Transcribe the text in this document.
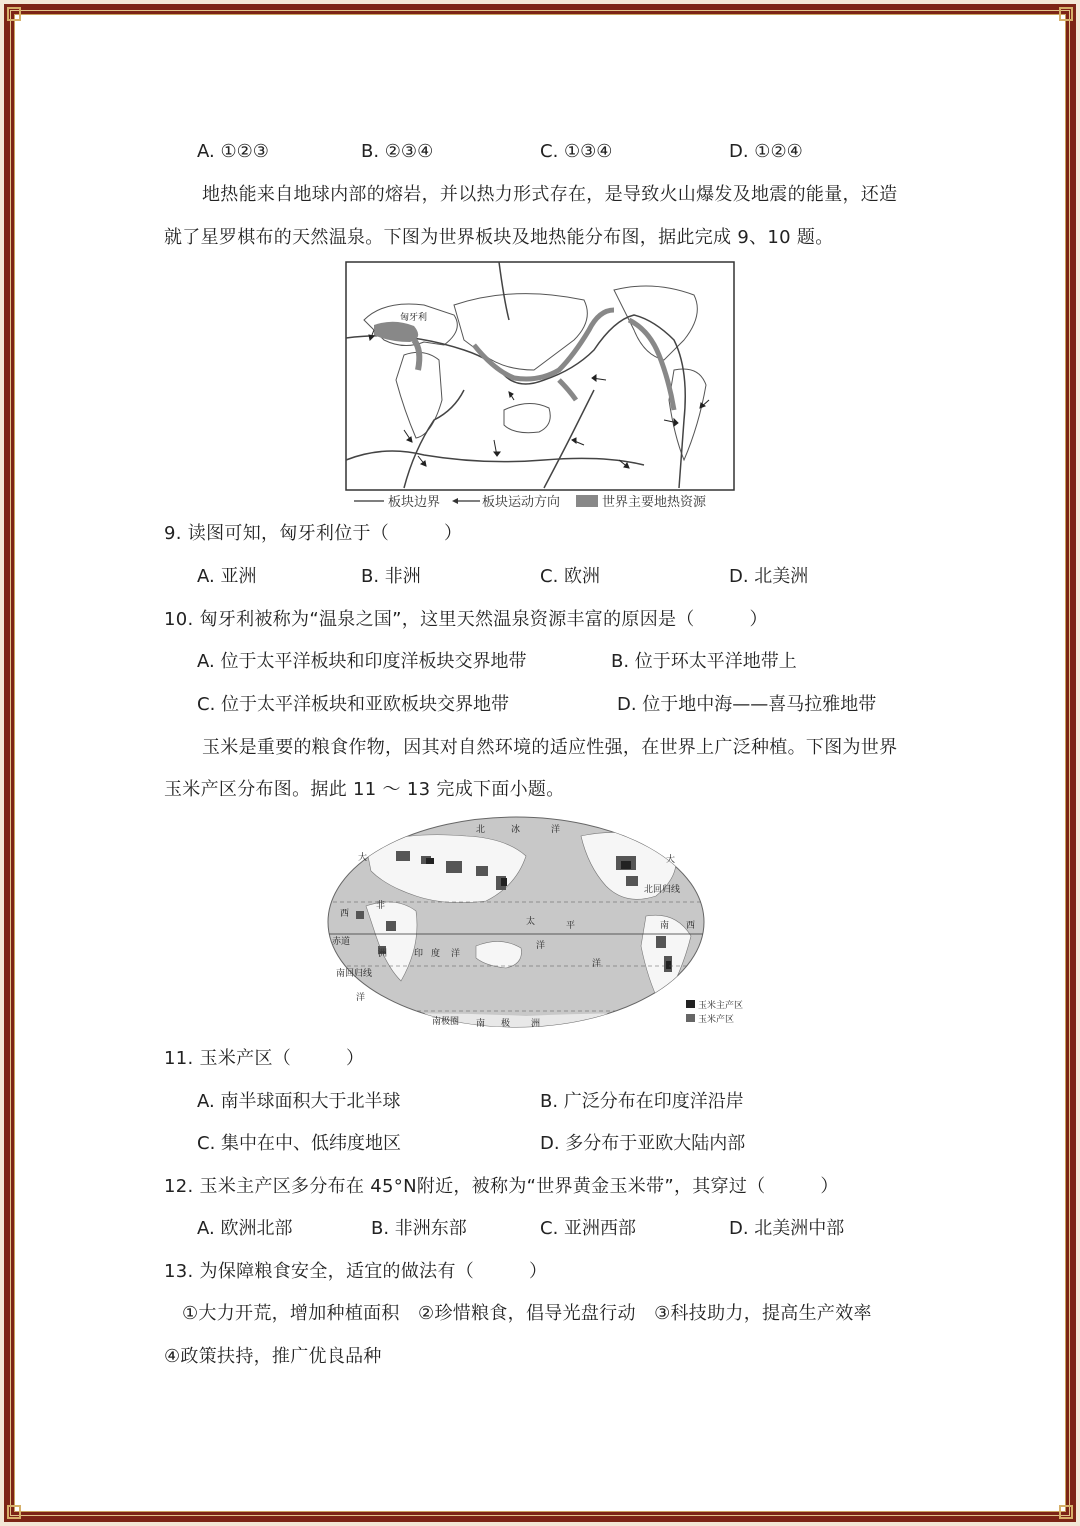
A. ①②③	B. ②③④	C. ①③④	D. ①②④
地热能来自地球内部的熔岩，并以热力形式存在，是导致火山爆发及地震的能量，还造
就了星罗棋布的天然温泉。下图为世界板块及地热能分布图，据此完成 9、10 题。
匈牙利
板块边界	板块运动方向	世界主要地热资源
9. 读图可知，匈牙利位于（　　　）
A. 亚洲	B. 非洲	C. 欧洲	D. 北美洲
10. 匈牙利被称为“温泉之国”，这里天然温泉资源丰富的原因是（　　　）
A. 位于太平洋板块和印度洋板块交界地带	B. 位于环太平洋地带上
C. 位于太平洋板块和亚欧板块交界地带	D. 位于地中海——喜马拉雅地带
玉米是重要的粮食作物，因其对自然环境的适应性强，在世界上广泛种植。下图为世界
玉米产区分布图。据此 11 ～ 13 完成下面小题。
北	冰	洋
大
西
北回归线
非
赤道
洲
南回归线
印 度 洋
太	平
洋
南 西
大
洋
南极圈 南 极 洲
洋
玉米主产区
玉米产区
11. 玉米产区（　　　）
A. 南半球面积大于北半球	B. 广泛分布在印度洋沿岸
C. 集中在中、低纬度地区	D. 多分布于亚欧大陆内部
12. 玉米主产区多分布在 45°N附近，被称为“世界黄金玉米带”，其穿过（　　　）
A. 欧洲北部	B. 非洲东部	C. 亚洲西部	D. 北美洲中部
13. 为保障粮食安全，适宜的做法有（　　　）
①大力开荒，增加种植面积　②珍惜粮食，倡导光盘行动　③科技助力，提高生产效率
④政策扶持，推广优良品种
